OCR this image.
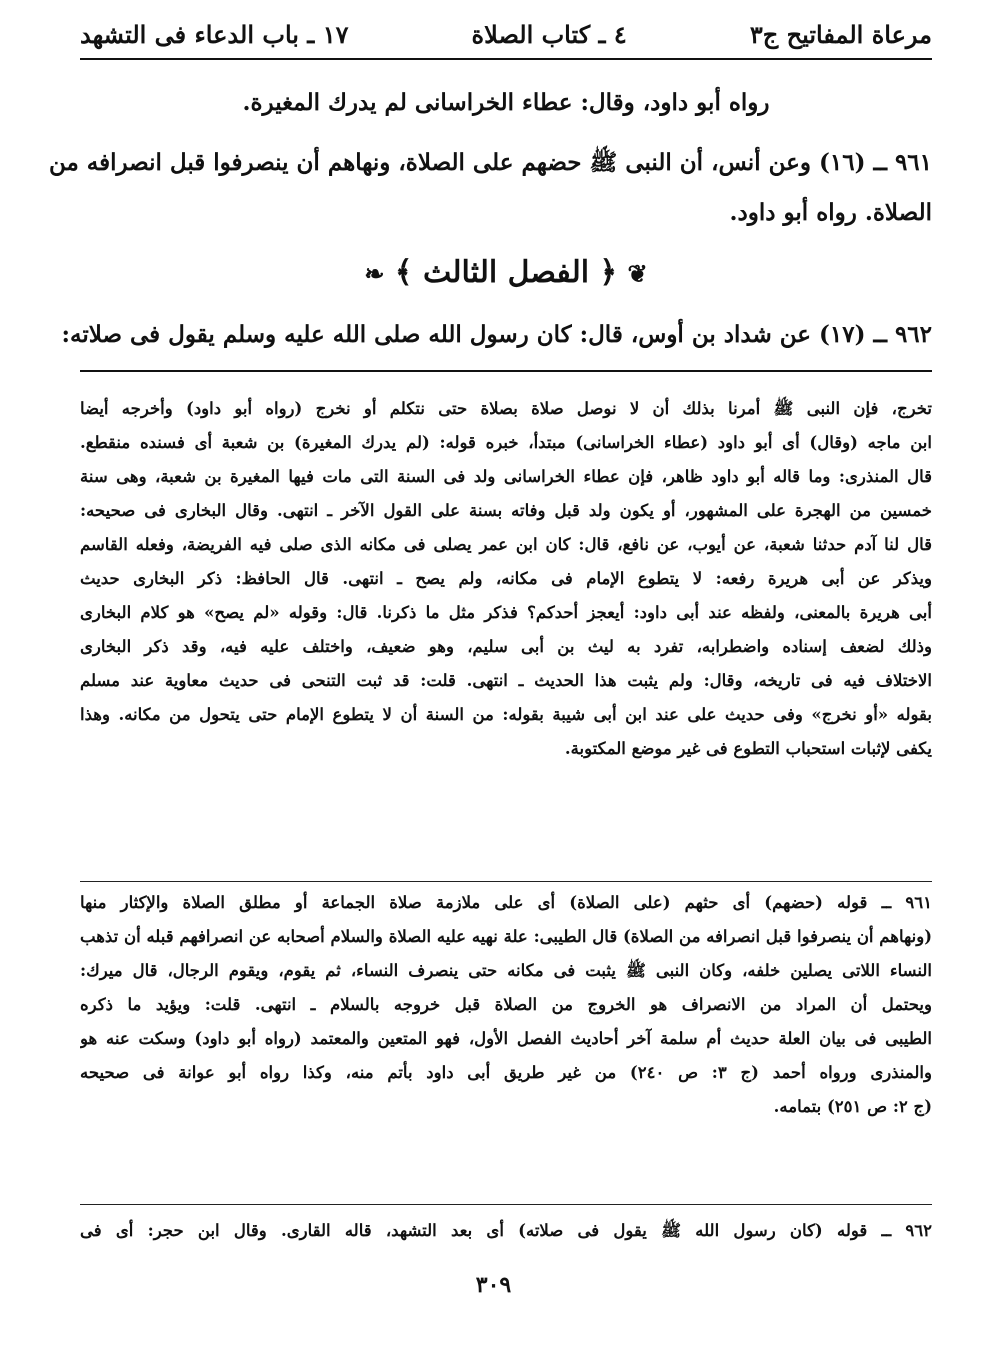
مرعاة المفاتيح ج٣
٤ ـ كتاب الصلاة
١٧ ـ باب الدعاء فى التشهد
رواه أبو داود، وقال: عطاء الخراسانى لم يدرك المغيرة.
٩٦١ ــ (١٦) وعن أنس، أن النبى ﷺ حضهم على الصلاة، ونهاهم أن ينصرفوا قبل انصرافه من
الصلاة. رواه أبو داود.
❦ ﴿ الفصل الثالث ﴾ ❧
٩٦٢ ــ (١٧) عن شداد بن أوس، قال: كان رسول الله صلى الله عليه وسلم يقول فى صلاته:
تخرج، فإن النبى ﷺ أمرنا بذلك أن لا نوصل صلاة بصلاة حتى نتكلم أو نخرج (رواه أبو داود) وأخرجه أيضا
ابن ماجه (وقال) أى أبو داود (عطاء الخراسانى) مبتدأ، خبره قوله: (لم يدرك المغيرة) بن شعبة أى فسنده منقطع.
قال المنذرى: وما قاله أبو داود ظاهر، فإن عطاء الخراسانى ولد فى السنة التى مات فيها المغيرة بن شعبة، وهى سنة
خمسين من الهجرة على المشهور، أو يكون ولد قبل وفاته بسنة على القول الآخر ـ انتهى. وقال البخارى فى صحيحه:
قال لنا آدم حدثنا شعبة، عن أيوب، عن نافع، قال: كان ابن عمر يصلى فى مكانه الذى صلى فيه الفريضة، وفعله القاسم
ويذكر عن أبى هريرة رفعه: لا يتطوع الإمام فى مكانه، ولم يصح ـ انتهى. قال الحافظ: ذكر البخارى حديث
أبى هريرة بالمعنى، ولفظه عند أبى داود: أيعجز أحدكم؟ فذكر مثل ما ذكرنا. قال: وقوله «لم يصح» هو كلام البخارى
وذلك لضعف إسناده واضطرابه، تفرد به ليث بن أبى سليم، وهو ضعيف، واختلف عليه فيه، وقد ذكر البخارى
الاختلاف فيه فى تاريخه، وقال: ولم يثبت هذا الحديث ـ انتهى. قلت: قد ثبت التنحى فى حديث معاوية عند مسلم
بقوله «أو نخرج» وفى حديث على عند ابن أبى شيبة بقوله: من السنة أن لا يتطوع الإمام حتى يتحول من مكانه. وهذا
يكفى لإثبات استحباب التطوع فى غير موضع المكتوبة.
٩٦١ ــ قوله (حضهم) أى حثهم (على الصلاة) أى على ملازمة صلاة الجماعة أو مطلق الصلاة والإكثار منها
(ونهاهم أن ينصرفوا قبل انصرافه من الصلاة) قال الطيبى: علة نهيه عليه الصلاة والسلام أصحابه عن انصرافهم قبله أن تذهب
النساء اللاتى يصلين خلفه، وكان النبى ﷺ يثبت فى مكانه حتى ينصرف النساء، ثم يقوم، ويقوم الرجال، قال ميرك:
ويحتمل أن المراد من الانصراف هو الخروج من الصلاة قبل خروجه بالسلام ـ انتهى. قلت: ويؤيد ما ذكره
الطيبى فى بيان العلة حديث أم سلمة آخر أحاديث الفصل الأول، فهو المتعين والمعتمد (رواه أبو داود) وسكت عنه هو
والمنذرى ورواه أحمد (ج ٣: ص ٢٤٠) من غير طريق أبى داود بأتم منه، وكذا رواه أبو عوانة فى صحيحه
(ج ٢: ص ٢٥١) بتمامه.
٩٦٢ ــ قوله (كان رسول الله ﷺ يقول فى صلاته) أى بعد التشهد، قاله القارى. وقال ابن حجر: أى فى
٣٠٩
